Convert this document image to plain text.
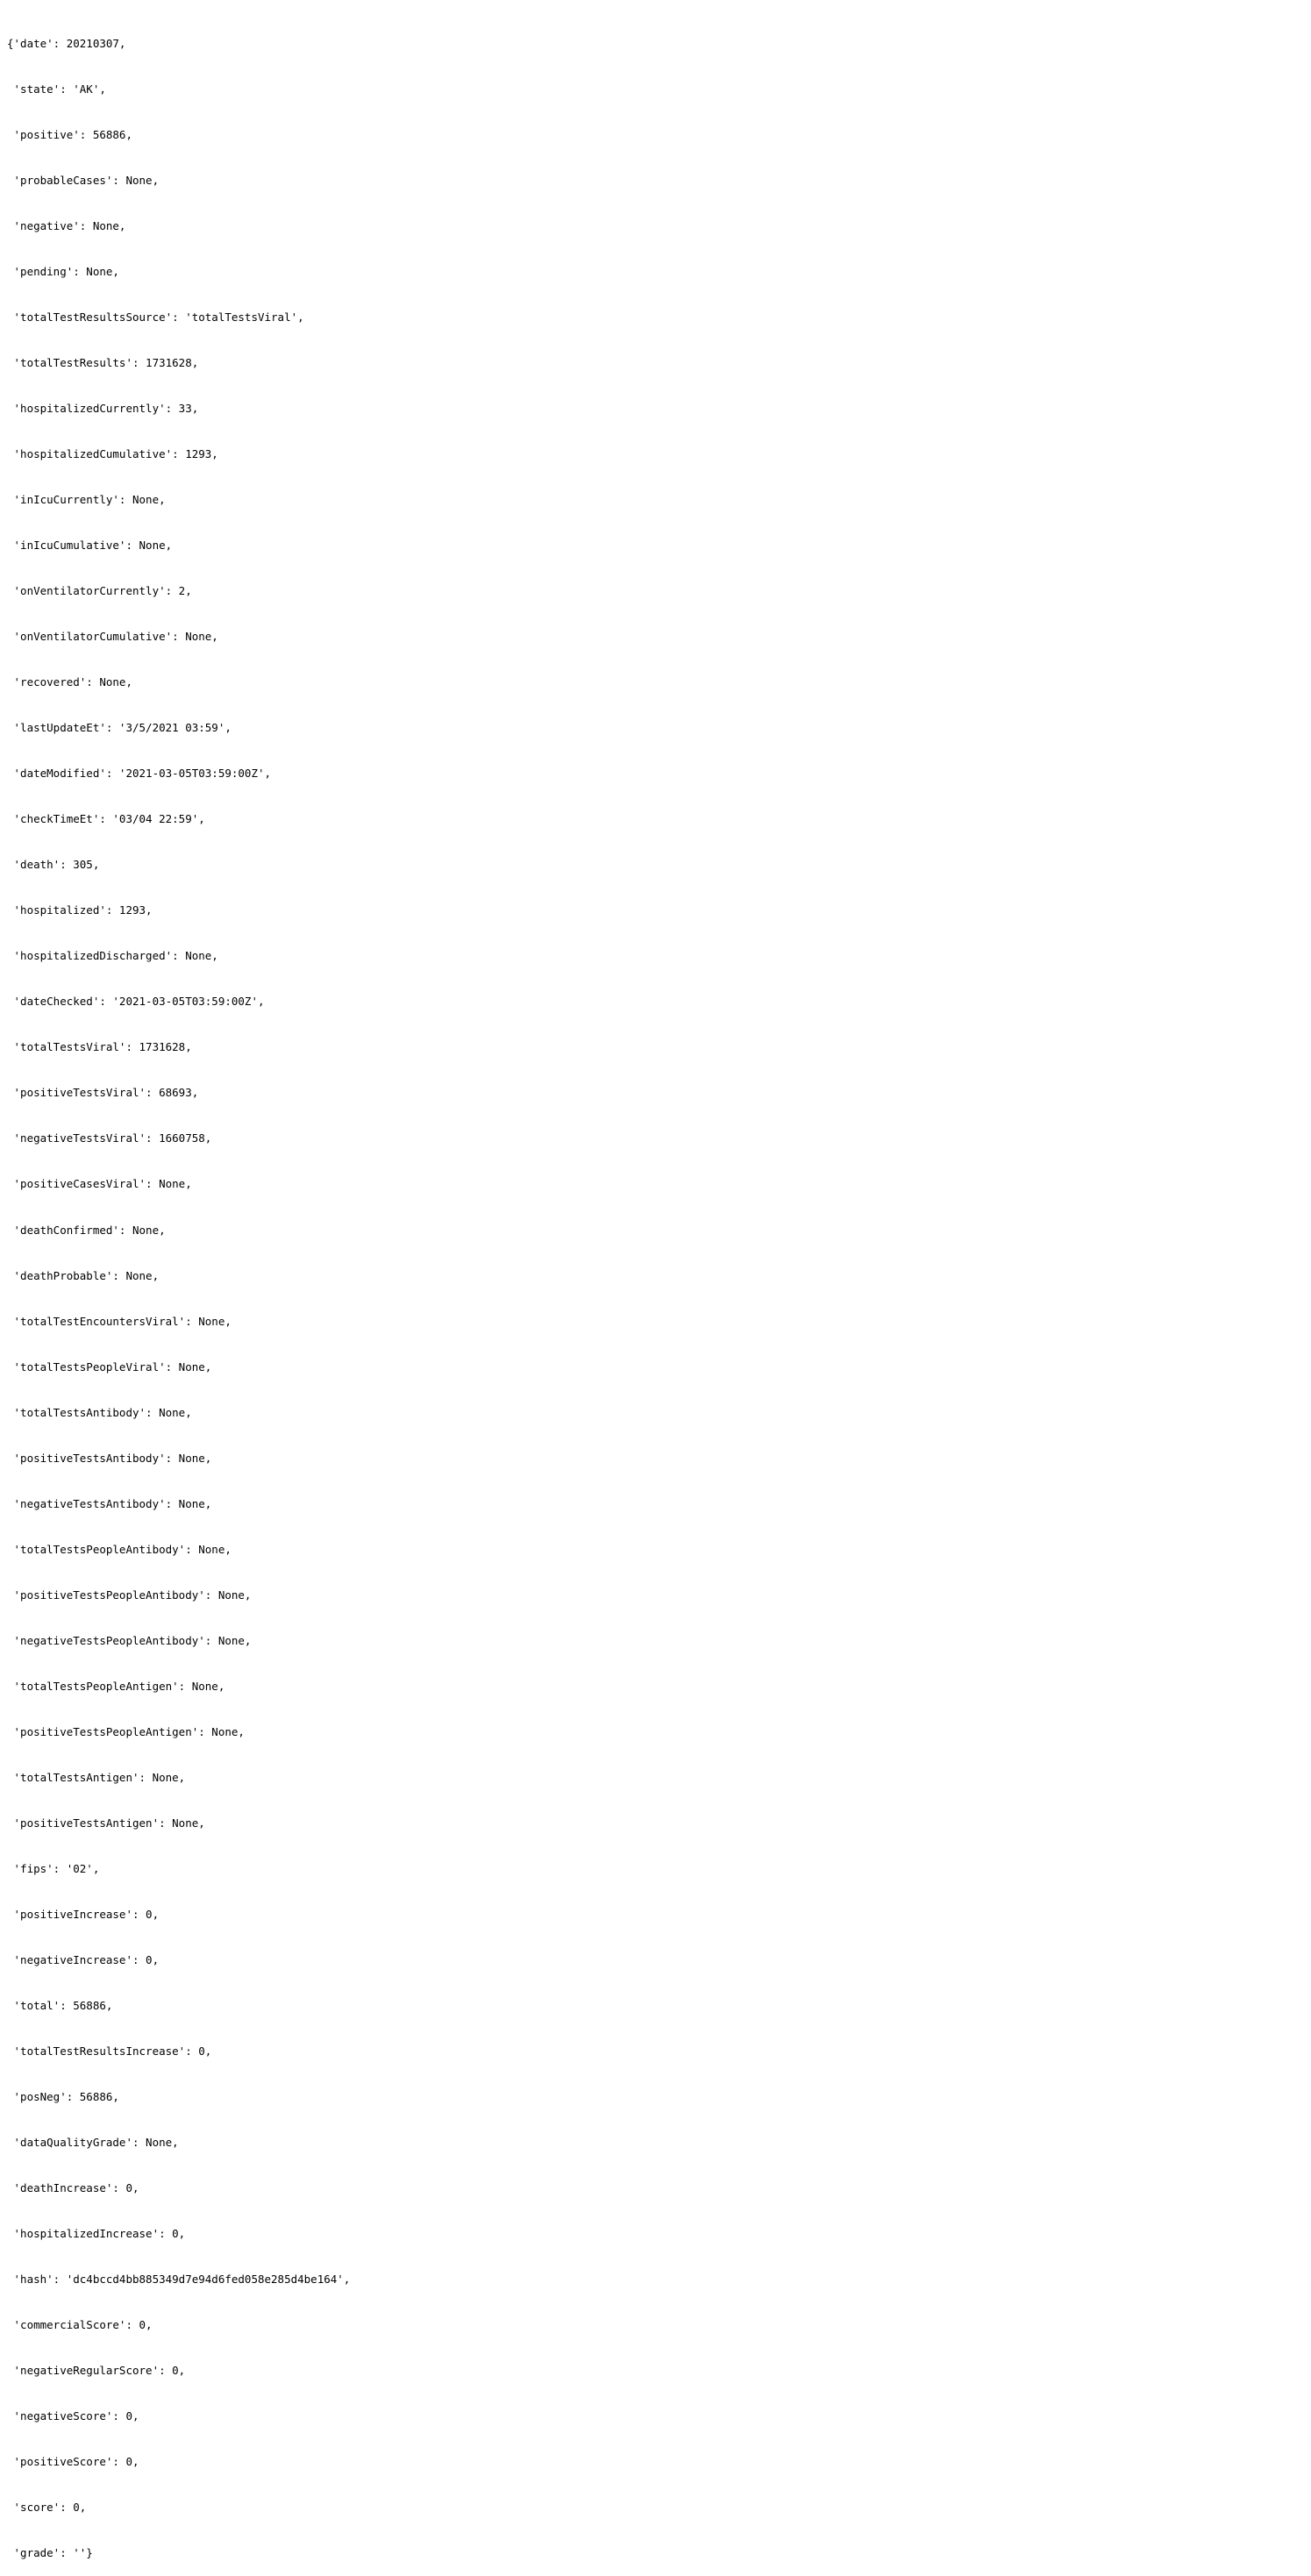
{'date': 20210307,

'state': 'AK',

'positive': 56886,

'probableCases': None,

'negative': None,

'pending': None,

'totalTestResultsSource': 'totalTestsViral',

'totalTestResults': 1731628,

'hospitalizedCurrently': 33,

'hospitalizedCumulative': 1293,

'inIcuCurrently': None,

'inIcuCumulative': None,

'onVentilatorCurrently': 2,

'onVentilatorCumulative': None,

'recovered': None,

'lastUpdateEt': '3/5/2021 03:59',

'dateModified': '2021-03-05T03:59:00Z',

'checkTimeEt': '03/04 22:59',

'death': 305,

'hospitalized': 1293,

'hospitalizedDischarged': None,

'dateChecked': '2021-03-05T03:59:00Z',

'totalTestsViral': 1731628,

'positiveTestsViral': 68693,

'negativeTestsViral': 1660758,

'positiveCasesViral': None,

'deathConfirmed': None,

'deathProbable': None,

'totalTestEncountersViral': None,

'totalTestsPeopleViral': None,

'totalTestsAntibody': None,

'positiveTestsAntibody': None,

'negativeTestsAntibody': None,

'totalTestsPeopleAntibody': None,

'positiveTestsPeopleAntibody': None,

'negativeTestsPeopleAntibody': None,

'totalTestsPeopleAntigen': None,

'positiveTestsPeopleAntigen': None,

'totalTestsAntigen': None,

'positiveTestsAntigen': None,

'fips': '02',

'positiveIncrease': 0,

'negativeIncrease': 0,

'total': 56886,

'totalTestResultsIncrease': 0,

'posNeg': 56886,

'dataQualityGrade': None,

'deathIncrease': 0,

'hospitalizedIncrease': 0,

'hash': 'dc4bccd4bb885349d7e94d6fed058e285d4be164',

'commercialScore': 0,

'negativeRegularScore': 0,

'negativeScore': 0,

'positiveScore': 0,

'score': 0,

'grade': ''}
